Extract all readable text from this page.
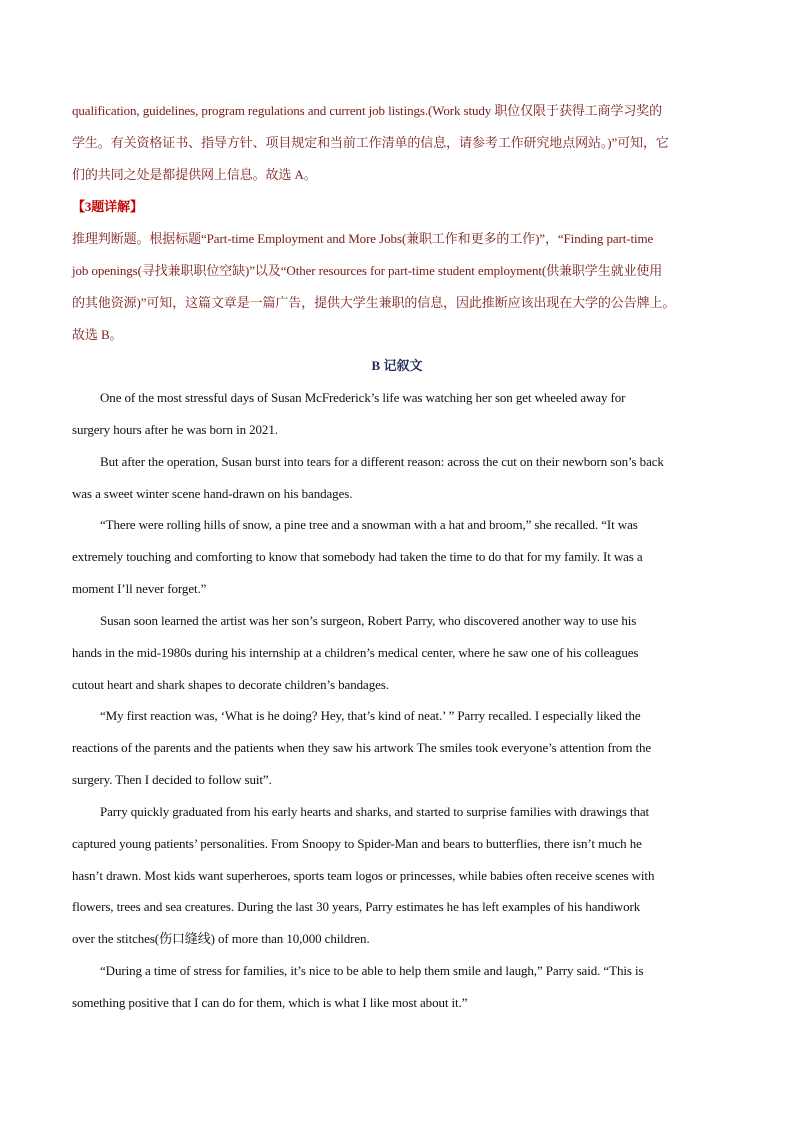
qualification, guidelines, program regulations and current job listings.(Work study 职位仅限于获得工商学习奖的
学生。有关资格证书、指导方针、项目规定和当前工作清单的信息，请参考工作研究地点网站。)”可知，它
们的共同之处是都提供网上信息。故选 A。
【3题详解】
推理判断题。根据标题“Part-time Employment and More Jobs(兼职工作和更多的工作)”，“Finding part-time
job openings(寻找兼职职位空缺)”以及“Other resources for part-time student employment(供兼职学生就业使用
的其他资源)”可知，这篇文章是一篇广告，提供大学生兼职的信息，因此推断应该出现在大学的公告牌上。
故选 B。
B 记叙文
One of the most stressful days of Susan McFrederick’s life was watching her son get wheeled away for
surgery hours after he was born in 2021.
But after the operation, Susan burst into tears for a different reason: across the cut on their newborn son’s back
was a sweet winter scene hand-drawn on his bandages.
“There were rolling hills of snow, a pine tree and a snowman with a hat and broom,” she recalled. “It was
extremely touching and comforting to know that somebody had taken the time to do that for my family. It was a
moment I’ll never forget.”
Susan soon learned the artist was her son’s surgeon, Robert Parry, who discovered another way to use his
hands in the mid-1980s during his internship at a children’s medical center, where he saw one of his colleagues
cutout heart and shark shapes to decorate children’s bandages.
“My first reaction was, ‘What is he doing? Hey, that’s kind of neat.’ ” Parry recalled. I especially liked the
reactions of the parents and the patients when they saw his artwork The smiles took everyone’s attention from the
surgery. Then I decided to follow suit”.
Parry quickly graduated from his early hearts and sharks, and started to surprise families with drawings that
captured young patients’ personalities. From Snoopy to Spider-Man and bears to butterflies, there isn’t much he
hasn’t drawn. Most kids want superheroes, sports team logos or princesses, while babies often receive scenes with
flowers, trees and sea creatures. During the last 30 years, Parry estimates he has left examples of his handiwork
over the stitches(伤口缝线) of more than 10,000 children.
“During a time of stress for families, it’s nice to be able to help them smile and laugh,” Parry said. “This is
something positive that I can do for them, which is what I like most about it.”
